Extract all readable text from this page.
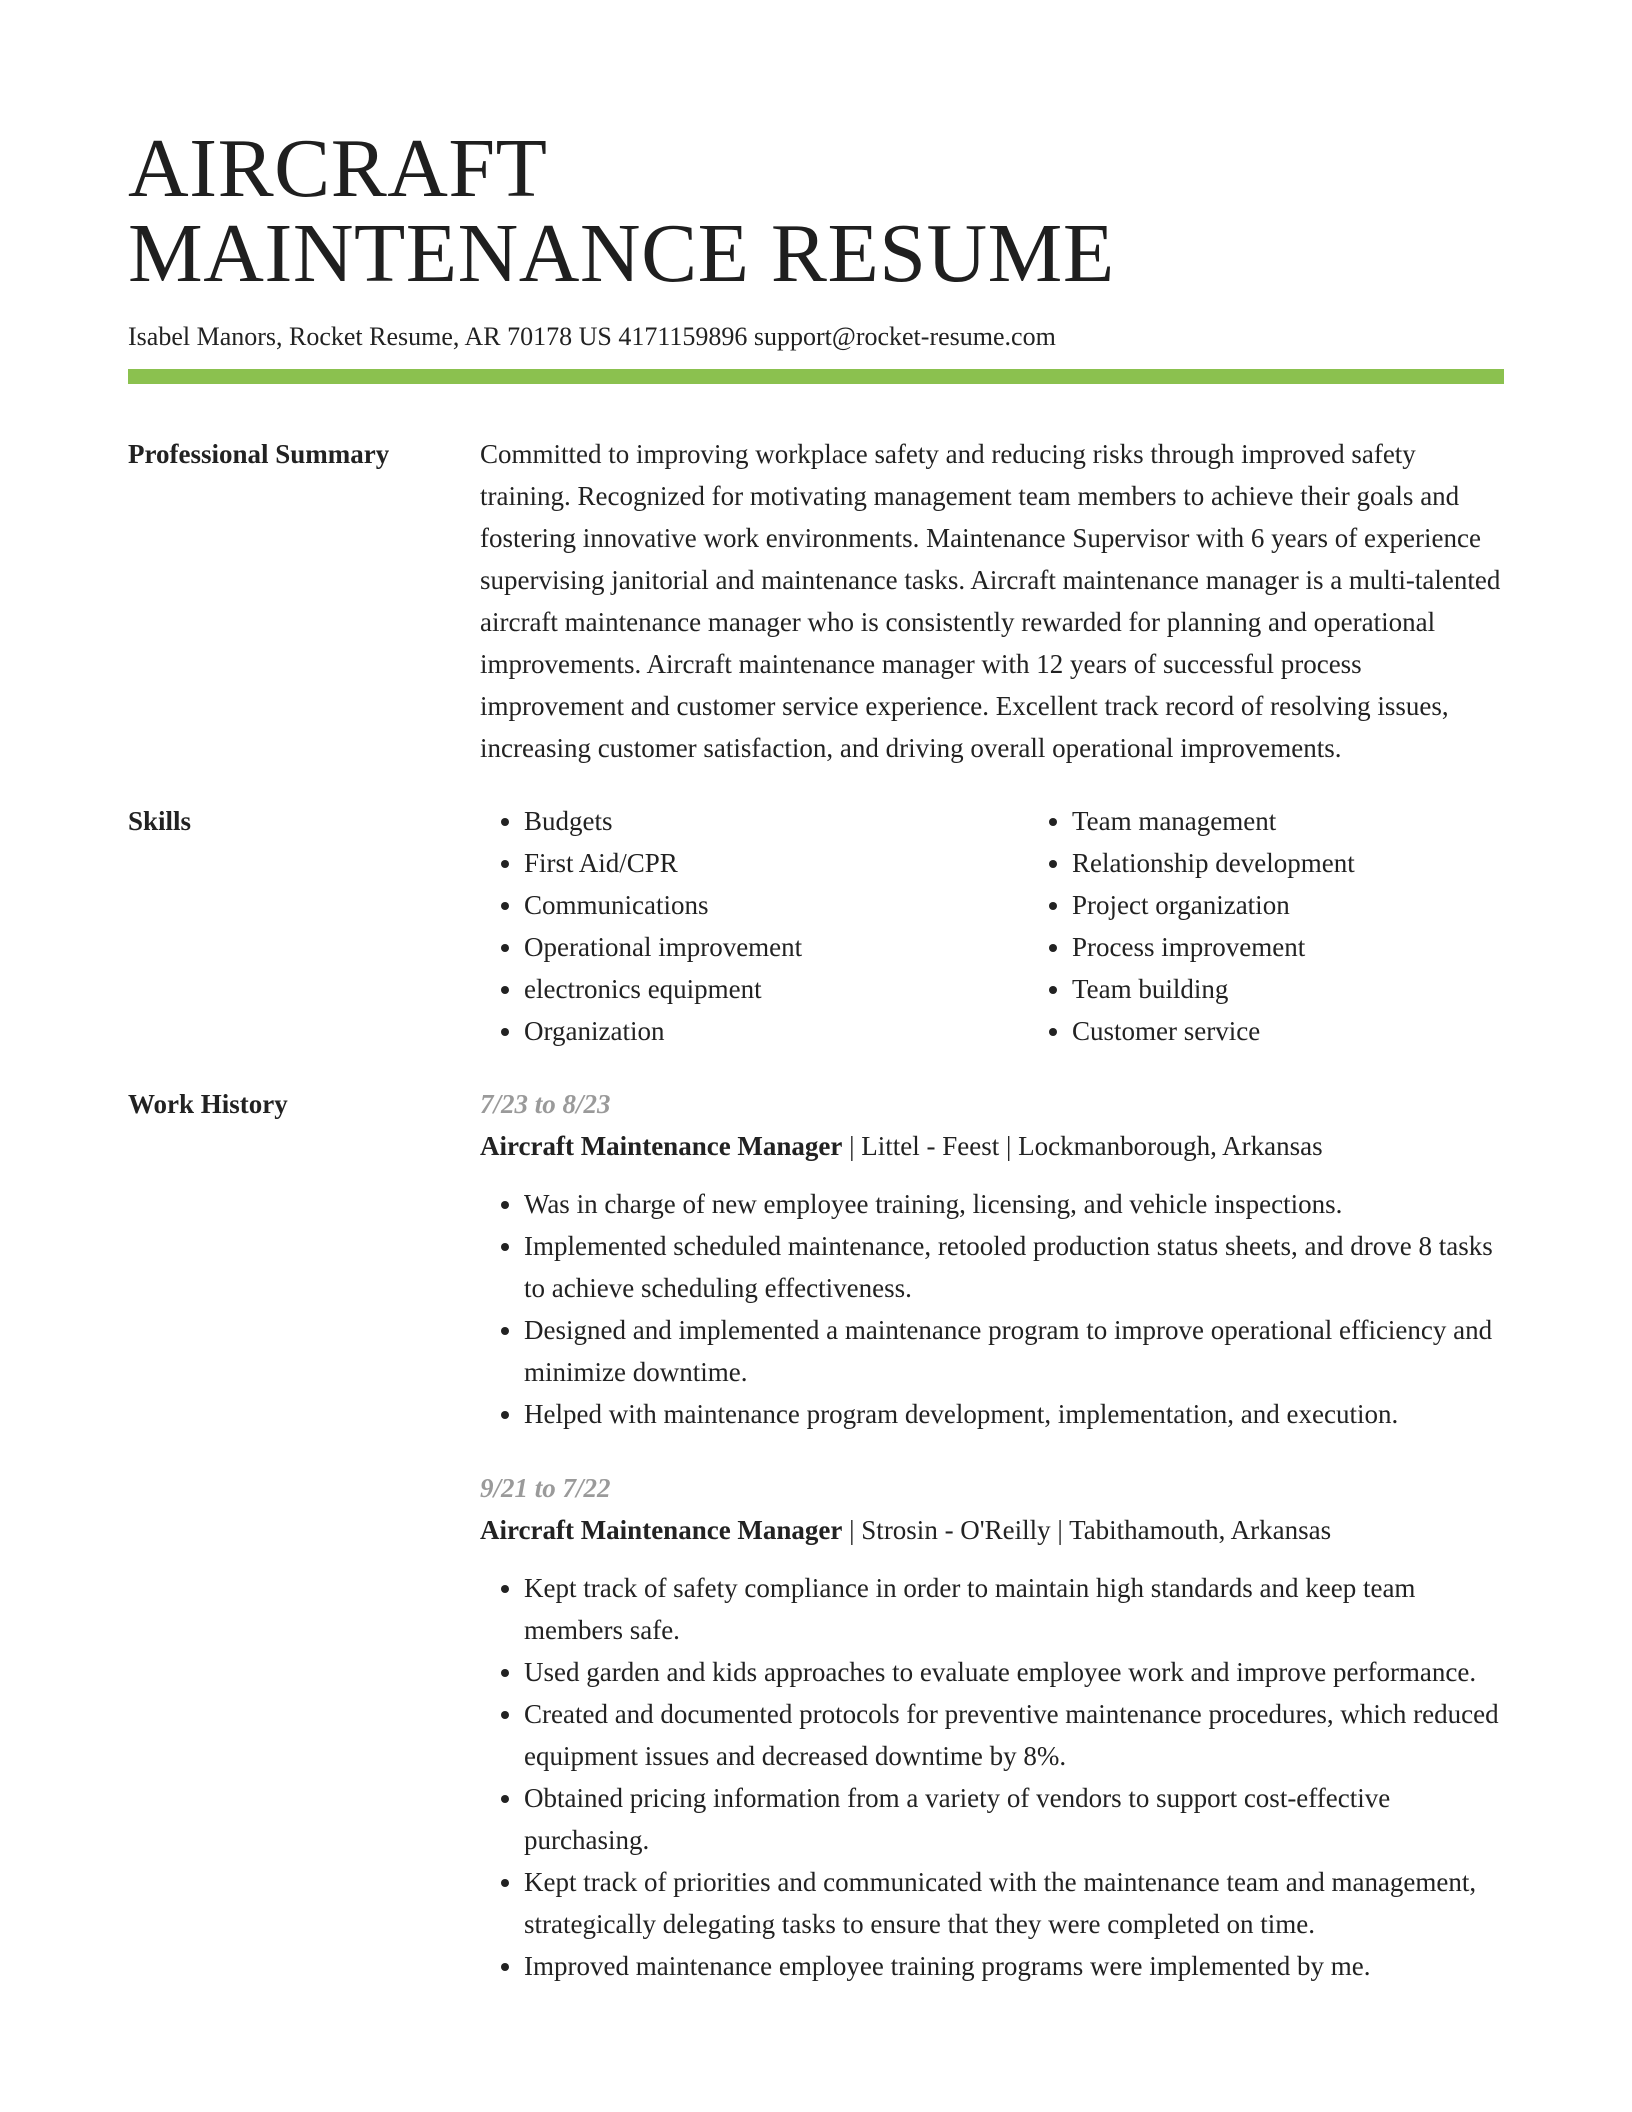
AIRCRAFT
MAINTENANCE RESUME
Isabel Manors, Rocket Resume, AR 70178 US 4171159896 support@rocket-resume.com
Professional Summary	Committed to improving workplace safety and reducing risks through improved safety training. Recognized for motivating management team members to achieve their goals and fostering innovative work environments. Maintenance Supervisor with 6 years of experience supervising janitorial and maintenance tasks. Aircraft maintenance manager is a multi-talented aircraft maintenance manager who is consistently rewarded for planning and operational improvements. Aircraft maintenance manager with 12 years of successful process improvement and customer service experience. Excellent track record of resolving issues, increasing customer satisfaction, and driving overall operational improvements.

Skills
•	Budgets
• First Aid/CPR
• Communications
• Operational improvement
• electronics equipment
• Organization
• Team management
• Relationship development
• Project organization
• Process improvement
• Team building
• Customer service
Work History	7/23 to 8/23
Aircraft Maintenance Manager | Littel - Feest | Lockmanborough, Arkansas
• Was in charge of new employee training, licensing, and vehicle inspections.
• Implemented scheduled maintenance, retooled production status sheets, and drove 8 tasks to achieve scheduling effectiveness.
• Designed and implemented a maintenance program to improve operational efficiency and minimize downtime.
• Helped with maintenance program development, implementation, and execution.
9/21 to 7/22
Aircraft Maintenance Manager | Strosin - O'Reilly | Tabithamouth, Arkansas
• Kept track of safety compliance in order to maintain high standards and keep team members safe.
• Used garden and kids approaches to evaluate employee work and improve performance.
• Created and documented protocols for preventive maintenance procedures, which reduced equipment issues and decreased downtime by 8%.
• Obtained pricing information from a variety of vendors to support cost-effective purchasing.
• Kept track of priorities and communicated with the maintenance team and management, strategically delegating tasks to ensure that they were completed on time.
• Improved maintenance employee training programs were implemented by me.
